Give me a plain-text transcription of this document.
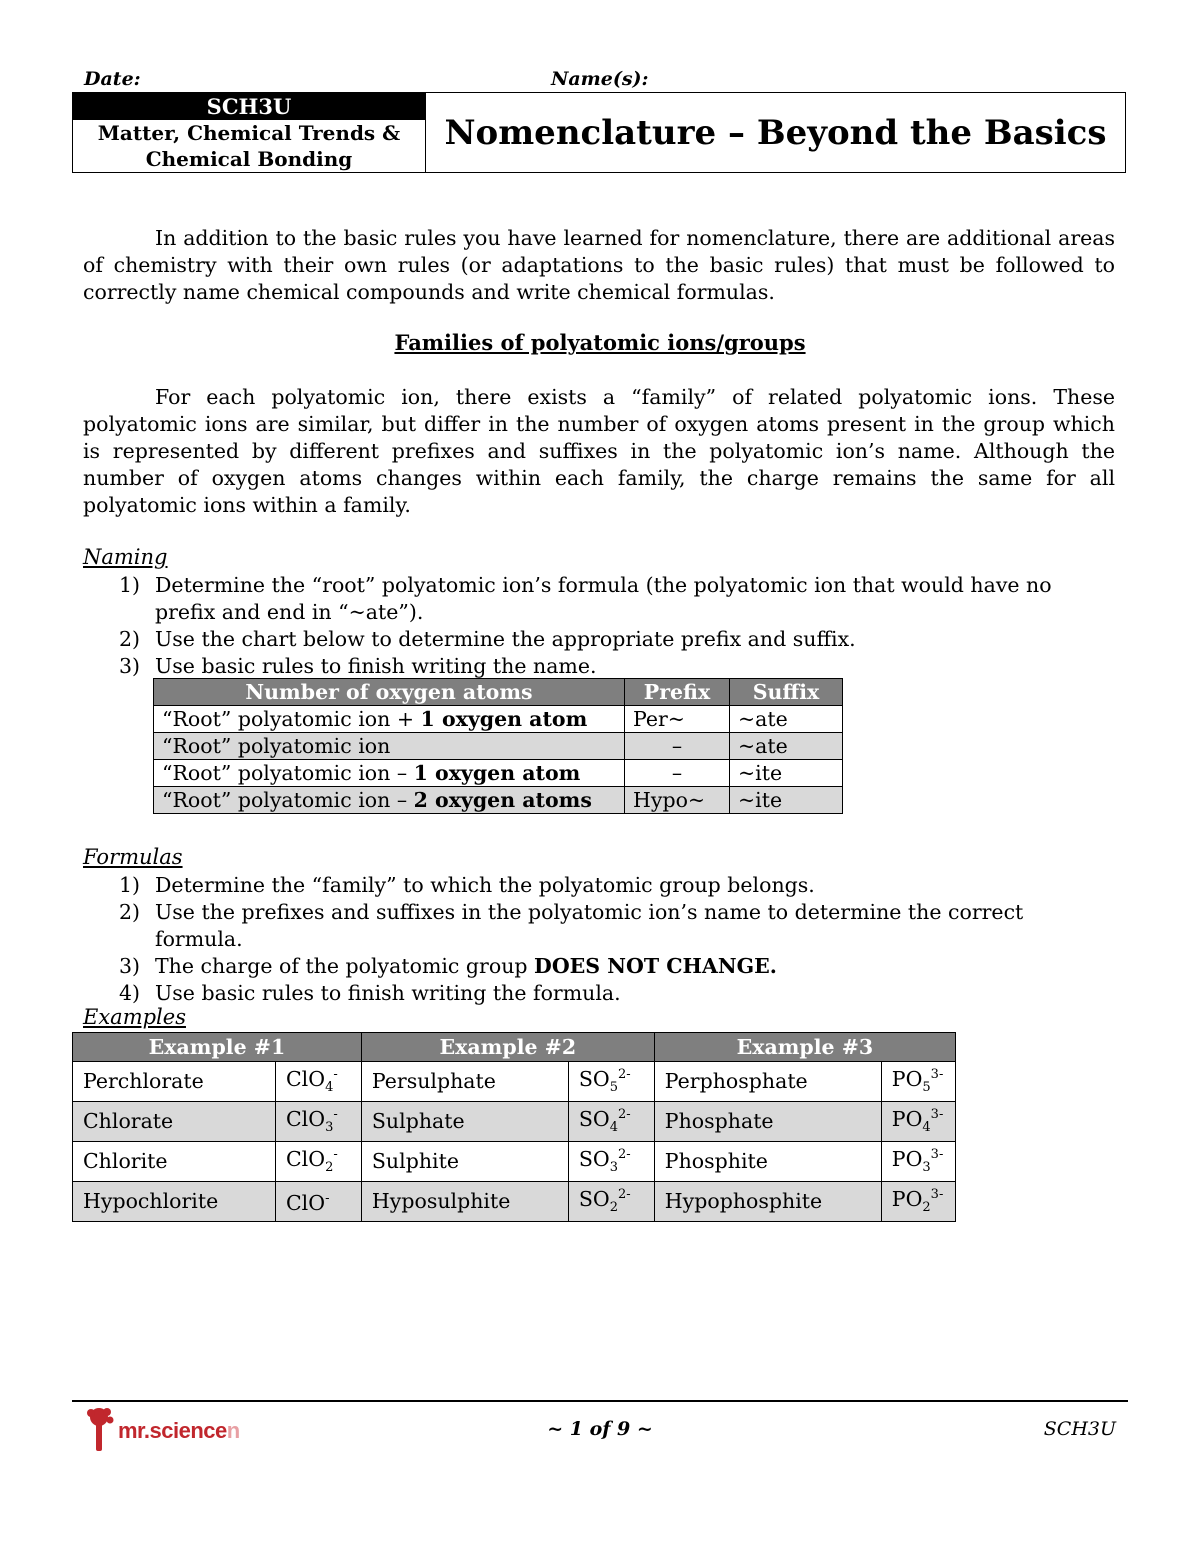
Date:	Name(s):
SCH3U
Matter, Chemical Trends &
Chemical Bonding
Nomenclature – Beyond the Basics

In addition to the basic rules you have learned for nomenclature, there are additional areas of chemistry with their own rules (or adaptations to the basic rules) that must be followed to correctly name chemical compounds and write chemical formulas.

Families of polyatomic ions/groups

For each polyatomic ion, there exists a “family” of related polyatomic ions. These polyatomic ions are similar, but differ in the number of oxygen atoms present in the group which is represented by different prefixes and suffixes in the polyatomic ion’s name. Although the number of oxygen atoms changes within each family, the charge remains the same for all polyatomic ions within a family.

Naming
1) Determine the “root” polyatomic ion’s formula (the polyatomic ion that would have no prefix and end in “~ate”).
2) Use the chart below to determine the appropriate prefix and suffix.
3) Use basic rules to finish writing the name.
Number of oxygen atoms	Prefix	Suffix
“Root” polyatomic ion + 1 oxygen atom	Per~	~ate
“Root” polyatomic ion	–	~ate
“Root” polyatomic ion – 1 oxygen atom	–	~ite
“Root” polyatomic ion – 2 oxygen atoms	Hypo~	~ite
Formulas
1) Determine the “family” to which the polyatomic group belongs.
2) Use the prefixes and suffixes in the polyatomic ion’s name to determine the correct formula.
3) The charge of the polyatomic group DOES NOT CHANGE.
4) Use basic rules to finish writing the formula.
Examples
Example #1		Example #2		Example #3	
Perchlorate	ClO$_4$-	Persulphate	$SO_5^{2-}$	Perphosphate	$PO_5^{3-}$
Chlorate	ClO$_3$-	Sulphate	$SO_4^{2-}$	Phosphate	$PO_4^{3-}$
Chlorite	ClO$_2$-	Sulphite	$SO_3^{2-}$	Phosphite	$PO_3^{3-}$
Hypochlorite	ClO-	Hyposulphite	$SO_2^{2-}$	Hypophosphite	$PO_2^{3-}$
mr.sciencen	~ 1 of 9 ~	SCH3U
